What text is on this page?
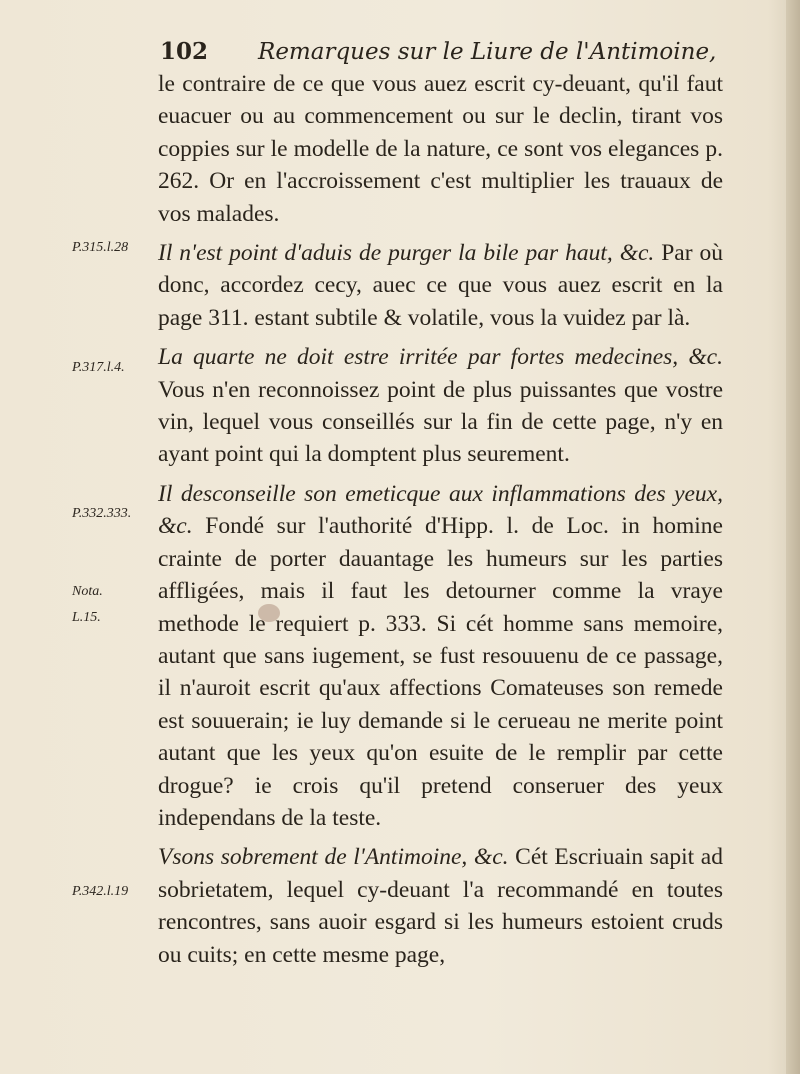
102 Remarques sur le Liure de l'Antimoine,
P.315.l.28
P.317.l.4.
P.332.333.
Nota.
L.15.
P.342.l.19

le contraire de ce que vous auez escrit cy-deuant, qu'il faut euacuer ou au commencement ou sur le declin, tirant vos coppies sur le modelle de la nature, ce sont vos elegances p. 262. Or en l'accroissement c'est multiplier les trauaux de vos malades.

Il n'est point d'aduis de purger la bile par haut, &c. Par où donc, accordez cecy, auec ce que vous auez escrit en la page 311. estant subtile & volatile, vous la vuidez par là.

La quarte ne doit estre irritée par fortes medecines, &c. Vous n'en reconnoissez point de plus puissantes que vostre vin, lequel vous conseillés sur la fin de cette page, n'y en ayant point qui la domptent plus seurement.

Il desconseille son emeticque aux inflammations des yeux, &c. Fondé sur l'authorité d'Hipp. l. de Loc. in homine crainte de porter dauantage les humeurs sur les parties affligées, mais il faut les detourner comme la vraye methode le requiert p. 333. Si cét homme sans memoire, autant que sans iugement, se fust resouuenu de ce passage, il n'auroit escrit qu'aux affections Comateuses son remede est souuerain; ie luy demande si le cerueau ne merite point autant que les yeux qu'on esuite de le remplir par cette drogue? ie crois qu'il pretend conseruer des yeux independans de la teste.

Vsons sobrement de l'Antimoine, &c. Cét Escriuain sapit ad sobrietatem, lequel cy-deuant l'a recommandé en toutes rencontres, sans auoir esgard si les humeurs estoient cruds ou cuits; en cette mesme page,
